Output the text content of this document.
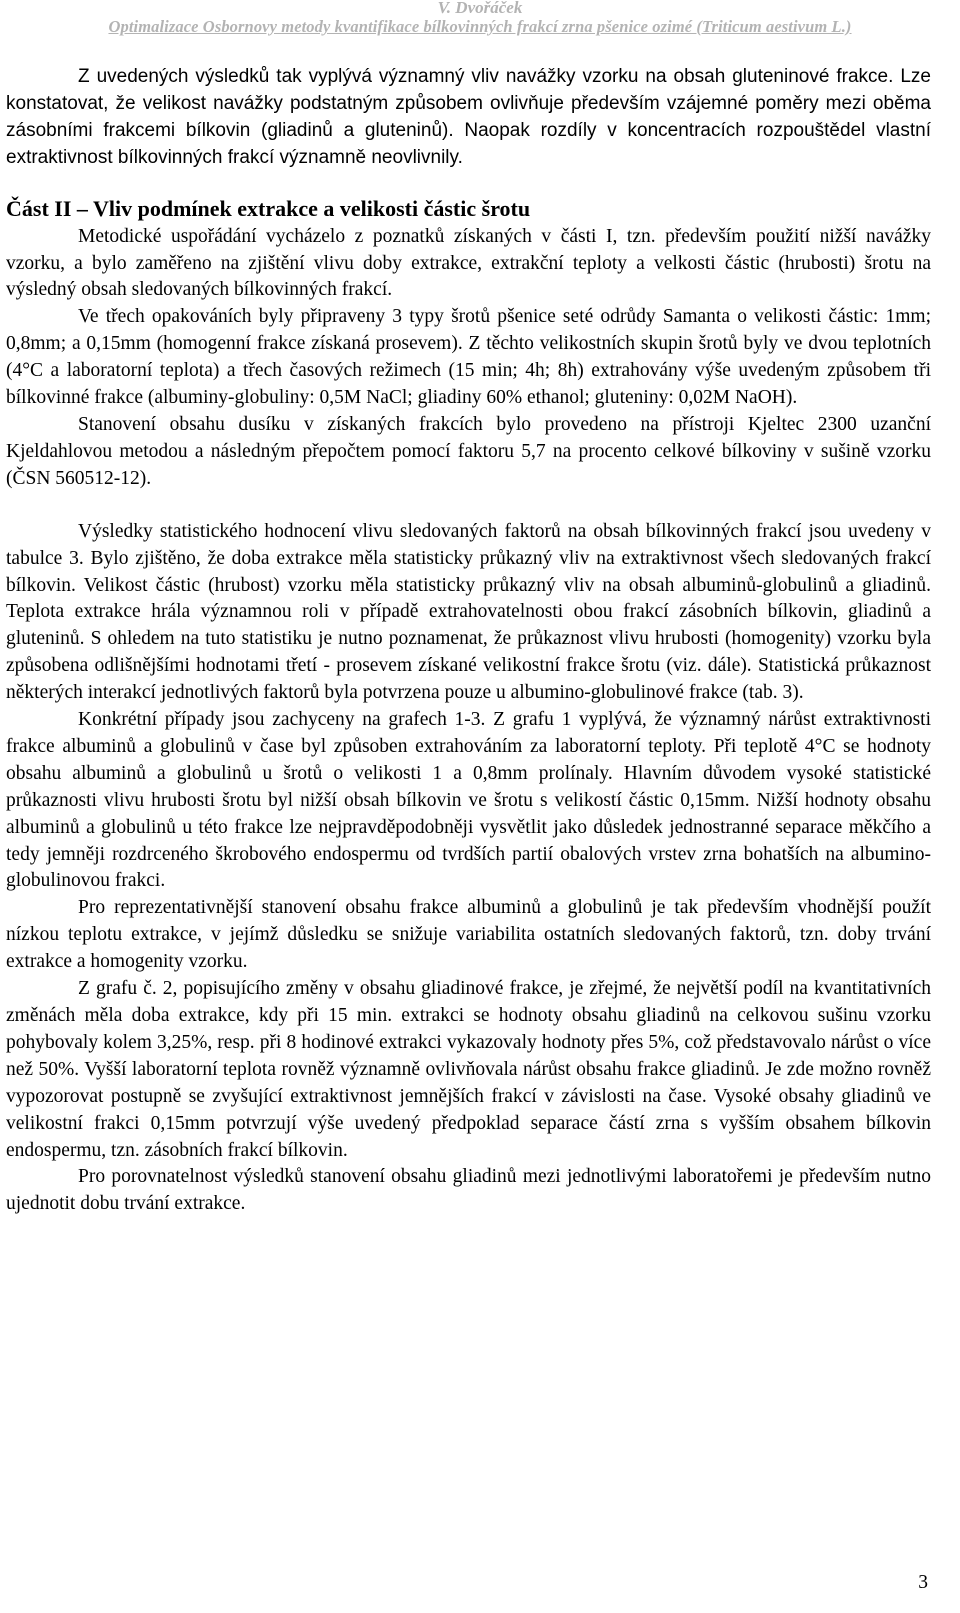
V. Dvořáček
Optimalizace Osbornovy metody kvantifikace bílkovinných frakcí zrna pšenice ozimé (Triticum aestivum L.)

Z uvedených výsledků tak vyplývá významný vliv navážky vzorku na obsah gluteninové frakce. Lze konstatovat, že velikost navážky podstatným způsobem ovlivňuje především vzájemné poměry mezi oběma zásobními frakcemi bílkovin (gliadinů a gluteninů). Naopak rozdíly v koncentracích rozpouštědel vlastní extraktivnost bílkovinných frakcí významně neovlivnily.

Část II – Vliv podmínek extrakce a velikosti částic šrotu

Metodické uspořádání vycházelo z poznatků získaných v části I, tzn. především použití nižší navážky vzorku, a bylo zaměřeno na zjištění vlivu doby extrakce, extrakční teploty a velkosti částic (hrubosti) šrotu na výsledný obsah sledovaných bílkovinných frakcí.

Ve třech opakováních byly připraveny 3 typy šrotů pšenice seté odrůdy Samanta o velikosti částic: 1mm; 0,8mm; a 0,15mm (homogenní frakce získaná prosevem). Z těchto velikostních skupin šrotů byly ve dvou teplotních (4°C a laboratorní teplota) a třech časových režimech (15 min; 4h; 8h) extrahovány výše uvedeným způsobem tři bílkovinné frakce (albuminy-globuliny: 0,5M NaCl; gliadiny 60% ethanol; gluteniny: 0,02M NaOH).

Stanovení obsahu dusíku v získaných frakcích bylo provedeno na přístroji Kjeltec 2300 uzanční Kjeldahlovou metodou a následným přepočtem pomocí faktoru 5,7 na procento celkové bílkoviny v sušině vzorku (ČSN 560512-12).

Výsledky statistického hodnocení vlivu sledovaných faktorů na obsah bílkovinných frakcí jsou uvedeny v tabulce 3. Bylo zjištěno, že doba extrakce měla statisticky průkazný vliv na extraktivnost všech sledovaných frakcí bílkovin. Velikost částic (hrubost) vzorku měla statisticky průkazný vliv na obsah albuminů-globulinů a gliadinů. Teplota extrakce hrála významnou roli v případě extrahovatelnosti obou frakcí zásobních bílkovin, gliadinů a gluteninů. S ohledem na tuto statistiku je nutno poznamenat, že průkaznost vlivu hrubosti (homogenity) vzorku byla způsobena odlišnějšími hodnotami třetí - prosevem získané velikostní frakce šrotu (viz. dále). Statistická průkaznost některých interakcí jednotlivých faktorů byla potvrzena pouze u albumino-globulinové frakce (tab. 3).

Konkrétní případy jsou zachyceny na grafech 1-3. Z grafu 1 vyplývá, že významný nárůst extraktivnosti frakce albuminů a globulinů v čase byl způsoben extrahováním za laboratorní teploty. Při teplotě 4°C se hodnoty obsahu albuminů a globulinů u šrotů o velikosti 1 a 0,8mm prolínaly. Hlavním důvodem vysoké statistické průkaznosti vlivu hrubosti šrotu byl nižší obsah bílkovin ve šrotu s velikostí částic 0,15mm. Nižší hodnoty obsahu albuminů a globulinů u této frakce lze nejpravděpodobněji vysvětlit jako důsledek jednostranné separace měkčího a tedy jemněji rozdrceného škrobového endospermu od tvrdších partií obalových vrstev zrna bohatších na albumino-globulinovou frakci.

Pro reprezentativnější stanovení obsahu frakce albuminů a globulinů je tak především vhodnější použít nízkou teplotu extrakce, v jejímž důsledku se snižuje variabilita ostatních sledovaných faktorů, tzn. doby trvání extrakce a homogenity vzorku.

Z grafu č. 2, popisujícího změny v obsahu gliadinové frakce, je zřejmé, že největší podíl na kvantitativních změnách měla doba extrakce, kdy při 15 min. extrakci se hodnoty obsahu gliadinů na celkovou sušinu vzorku pohybovaly kolem 3,25%, resp. při 8 hodinové extrakci vykazovaly hodnoty přes 5%, což představovalo nárůst o více než 50%. Vyšší laboratorní teplota rovněž významně ovlivňovala nárůst obsahu frakce gliadinů. Je zde možno rovněž vypozorovat postupně se zvyšující extraktivnost jemnějších frakcí v závislosti na čase. Vysoké obsahy gliadinů ve velikostní frakci 0,15mm potvrzují výše uvedený předpoklad separace částí zrna s vyšším obsahem bílkovin endospermu, tzn. zásobních frakcí bílkovin.

Pro porovnatelnost výsledků stanovení obsahu gliadinů mezi jednotlivými laboratořemi je především nutno ujednotit dobu trvání extrakce.

3
